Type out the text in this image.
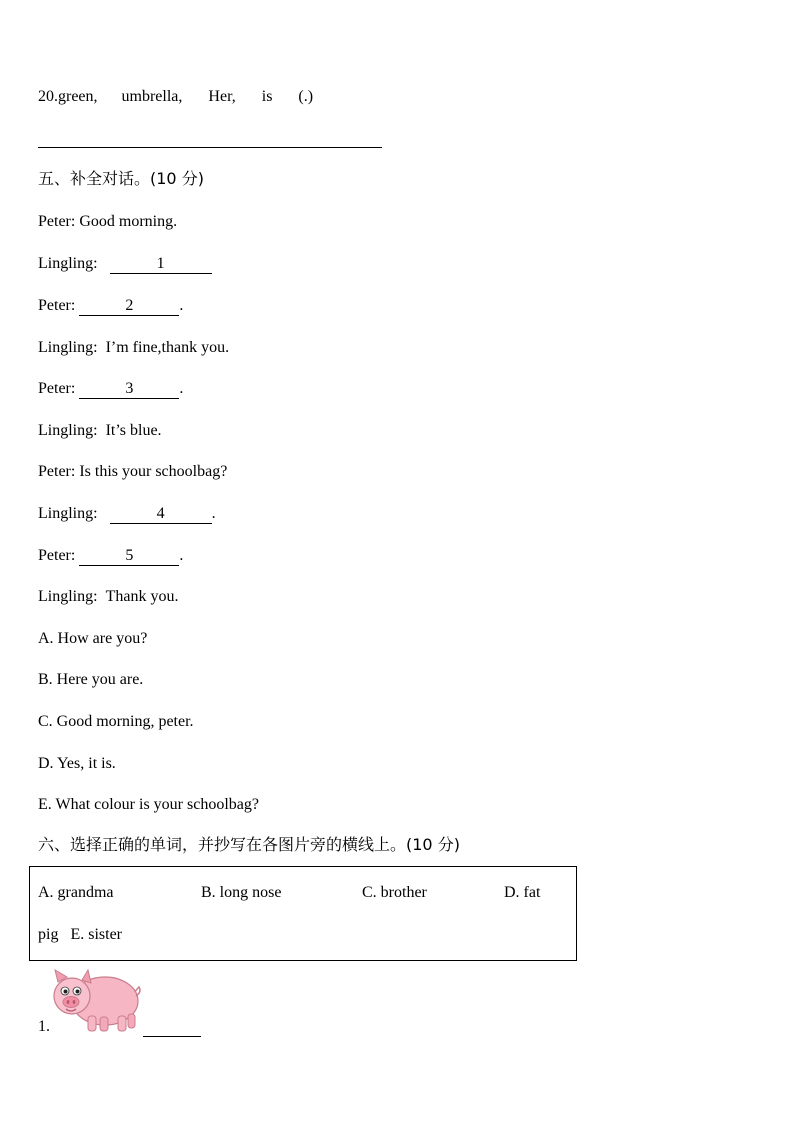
20.green, umbrella, Her, is (.)
五、补全对话。(10 分)
Peter: Good morning.
Lingling:	1
Peter:	2	.
Lingling: I’m fine,thank you.
Peter:	3	.
Lingling: It’s blue.
Peter: Is this your schoolbag?
Lingling:	4	.
Peter:	5	.
Lingling: Thank you.
A. How are you?
B. Here you are.
C. Good morning, peter.
D. Yes, it is.
E. What colour is your schoolbag?
六、选择正确的单词，并抄写在各图片旁的横线上。(10 分)
A. grandma	B. long nose	C. brother	D. fat
pig   E. sister
1.
